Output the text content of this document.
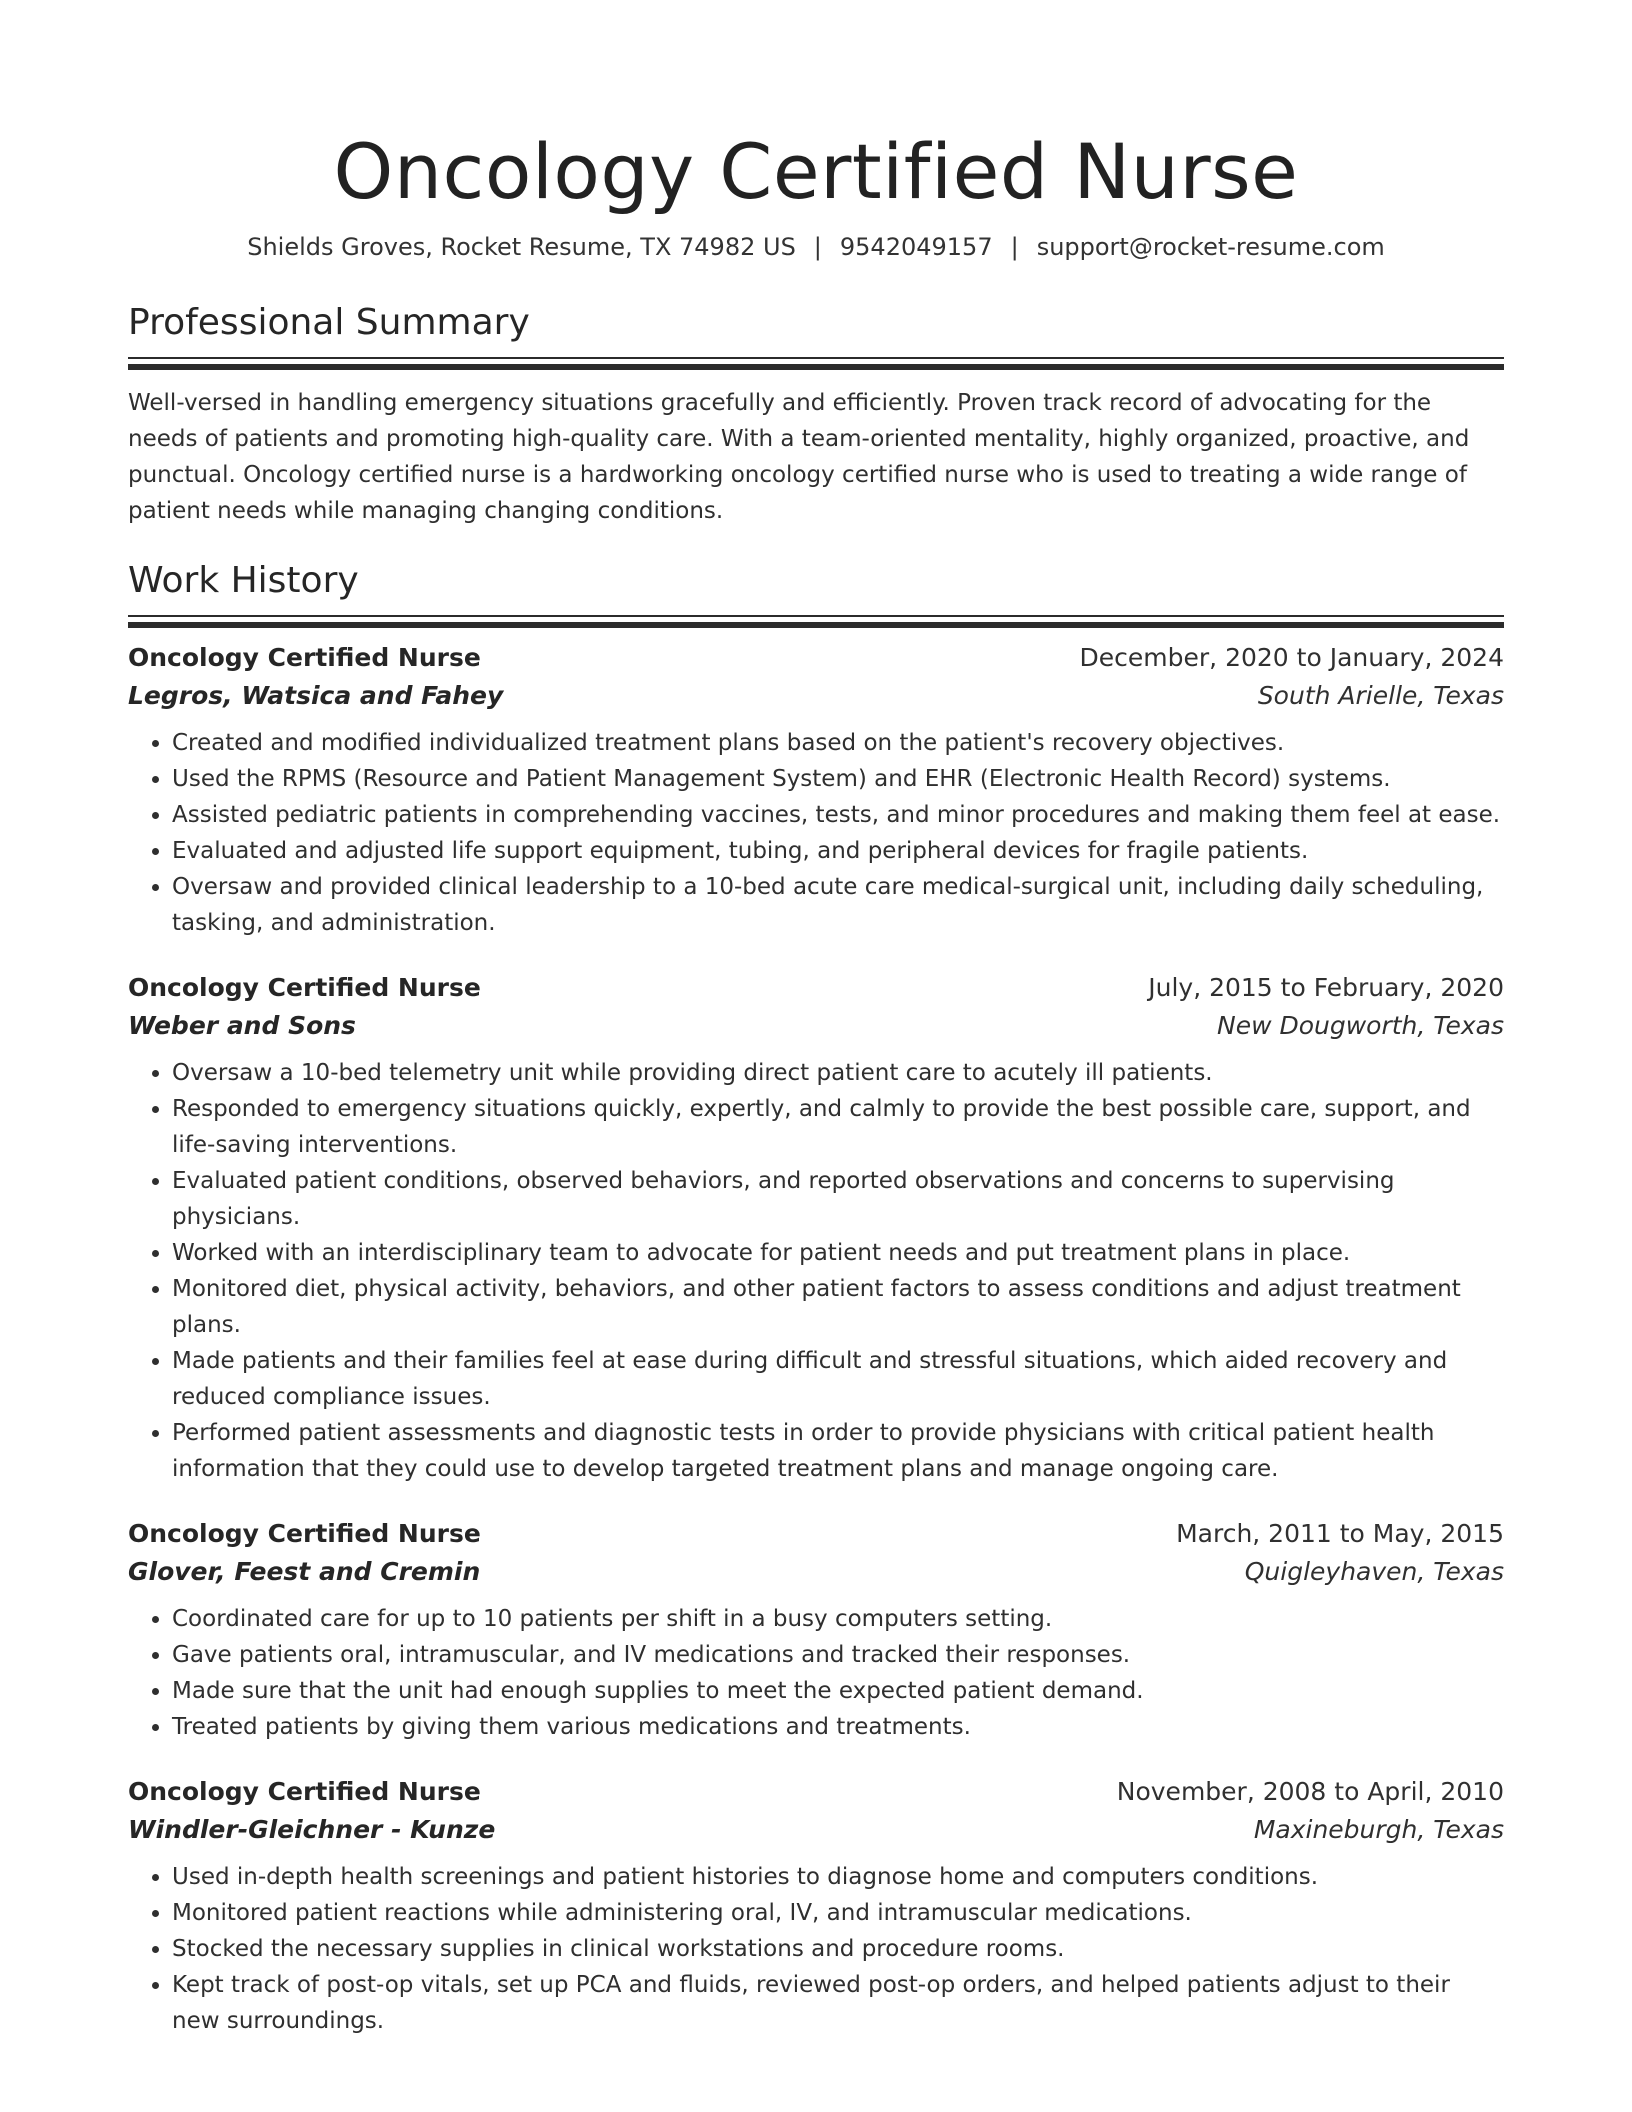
Oncology Certified Nurse
Shields Groves, Rocket Resume, TX 74982 US | 9542049157 | support@rocket-resume.com
Professional Summary
Well-versed in handling emergency situations gracefully and efficiently. Proven track record of advocating for the needs of patients and promoting high-quality care. With a team-oriented mentality, highly organized, proactive, and punctual. Oncology certified nurse is a hardworking oncology certified nurse who is used to treating a wide range of patient needs while managing changing conditions.
Work History
Oncology Certified Nurse	December, 2020 to January, 2024
Legros, Watsica and Fahey	South Arielle, Texas
• Created and modified individualized treatment plans based on the patient's recovery objectives.
• Used the RPMS (Resource and Patient Management System) and EHR (Electronic Health Record) systems.
• Assisted pediatric patients in comprehending vaccines, tests, and minor procedures and making them feel at ease.
• Evaluated and adjusted life support equipment, tubing, and peripheral devices for fragile patients.
• Oversaw and provided clinical leadership to a 10-bed acute care medical-surgical unit, including daily scheduling, tasking, and administration.
Oncology Certified Nurse	July, 2015 to February, 2020
Weber and Sons	New Dougworth, Texas
• Oversaw a 10-bed telemetry unit while providing direct patient care to acutely ill patients.
• Responded to emergency situations quickly, expertly, and calmly to provide the best possible care, support, and life-saving interventions.
• Evaluated patient conditions, observed behaviors, and reported observations and concerns to supervising physicians.
• Worked with an interdisciplinary team to advocate for patient needs and put treatment plans in place.
• Monitored diet, physical activity, behaviors, and other patient factors to assess conditions and adjust treatment plans.
• Made patients and their families feel at ease during difficult and stressful situations, which aided recovery and reduced compliance issues.
• Performed patient assessments and diagnostic tests in order to provide physicians with critical patient health information that they could use to develop targeted treatment plans and manage ongoing care.
Oncology Certified Nurse	March, 2011 to May, 2015
Glover, Feest and Cremin	Quigleyhaven, Texas
• Coordinated care for up to 10 patients per shift in a busy computers setting.
• Gave patients oral, intramuscular, and IV medications and tracked their responses.
• Made sure that the unit had enough supplies to meet the expected patient demand.
• Treated patients by giving them various medications and treatments.
Oncology Certified Nurse	November, 2008 to April, 2010
Windler-Gleichner - Kunze	Maxineburgh, Texas
• Used in-depth health screenings and patient histories to diagnose home and computers conditions.
• Monitored patient reactions while administering oral, IV, and intramuscular medications.
• Stocked the necessary supplies in clinical workstations and procedure rooms.
• Kept track of post-op vitals, set up PCA and fluids, reviewed post-op orders, and helped patients adjust to their new surroundings.
